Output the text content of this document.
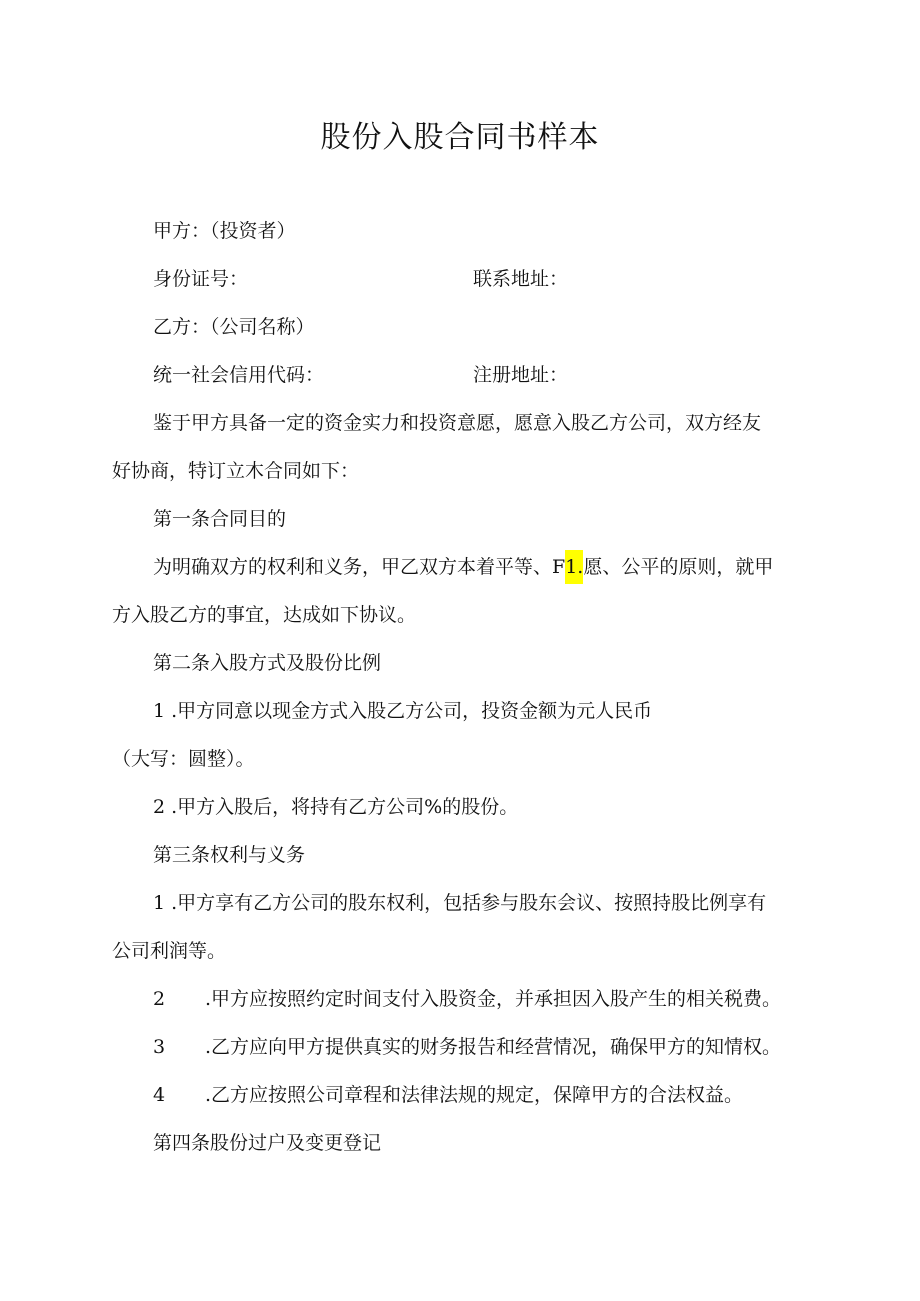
股份入股合同书样本
甲方：（投资者）
身份证号：	联系地址：
乙方：（公司名称）
统一社会信用代码：	注册地址：
鉴于甲方具备一定的资金实力和投资意愿，愿意入股乙方公司，双方经友
好协商，特订立木合同如下：
第一条合同目的
为明确双方的权利和义务，甲乙双方本着平等、F1.愿、公平的原则，就甲
方入股乙方的事宜，达成如下协议。
第二条入股方式及股份比例
1 .甲方同意以现金方式入股乙方公司，投资金额为元人民币
（大写：圆整）。
2 .甲方入股后，将持有乙方公司%的股份。
第三条权利与义务
1 .甲方享有乙方公司的股东权利，包括参与股东会议、按照持股比例享有
公司利润等。
2 .甲方应按照约定时间支付入股资金，并承担因入股产生的相关税费。
3 .乙方应向甲方提供真实的财务报告和经营情况，确保甲方的知情权。
4 .乙方应按照公司章程和法律法规的规定，保障甲方的合法权益。
第四条股份过户及变更登记
